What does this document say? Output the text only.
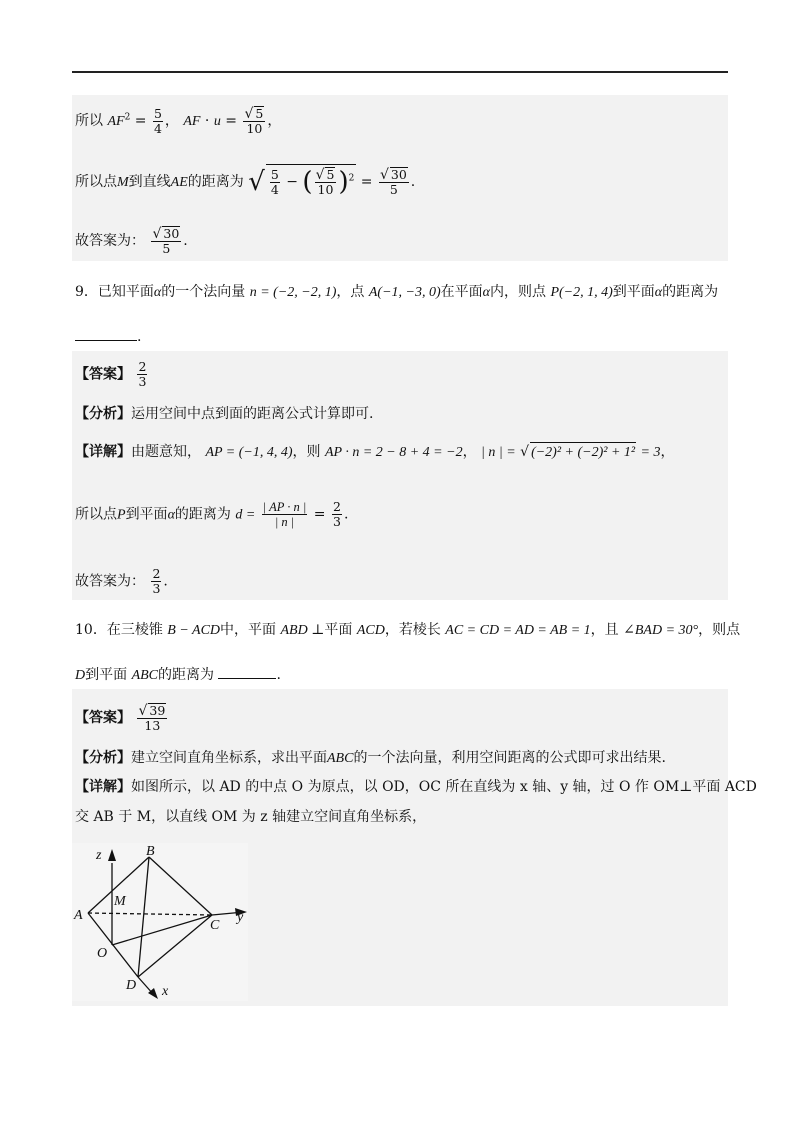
所以 $AF^2 = \frac{5}{4}$ ， AF · $u = \frac{√ 5}{10}$ ，
所以点M到直线AE的距离为 √ $\frac{5}{4}$ − ( $\frac{√ 5}{10} )^2 = \frac{√ 30}{5}$ .
故答案为： $\frac{√ 30}{5}$ .
9．已知平面α的一个法向量 n = (−2, −2, 1)，点 A(−1, −3, 0)在平面α内，则点 P(−2, 1, 4)到平面α的距离为
.
【答案】 $\frac{2}{3}$
【分析】运用空间中点到面的距离公式计算即可.
【详解】由题意知， AP = (−1, 4, 4)，则 AP · n = 2 − 8 + 4 = −2， | n | = √ (−2)² + (−2)² + 1² = 3，
所以点P到平面α的距离为 $d = \frac{| AP \cdot n |}{| n |} = \frac{2}{3}$ .
故答案为： $\frac{2}{3}$ .
10．在三棱锥 B − ACD中，平面 ABD ⊥平面 ACD，若棱长 AC = CD = AD = AB = 1，且 ∠BAD = 30°，则点
D到平面 ABC的距离为	.
【答案】 $\frac{√ 39}{13}$
【分析】建立空间直角坐标系，求出平面ABC的一个法向量，利用空间距离的公式即可求出结果.
【详解】如图所示，以 AD 的中点 O 为原点，以 OD，OC 所在直线为 x 轴、y 轴，过 O 作 OM⊥平面 ACD
交 AB 于 M，以直线 OM 为 z 轴建立空间直角坐标系，
z	B
M
A
C
y
O
D x
